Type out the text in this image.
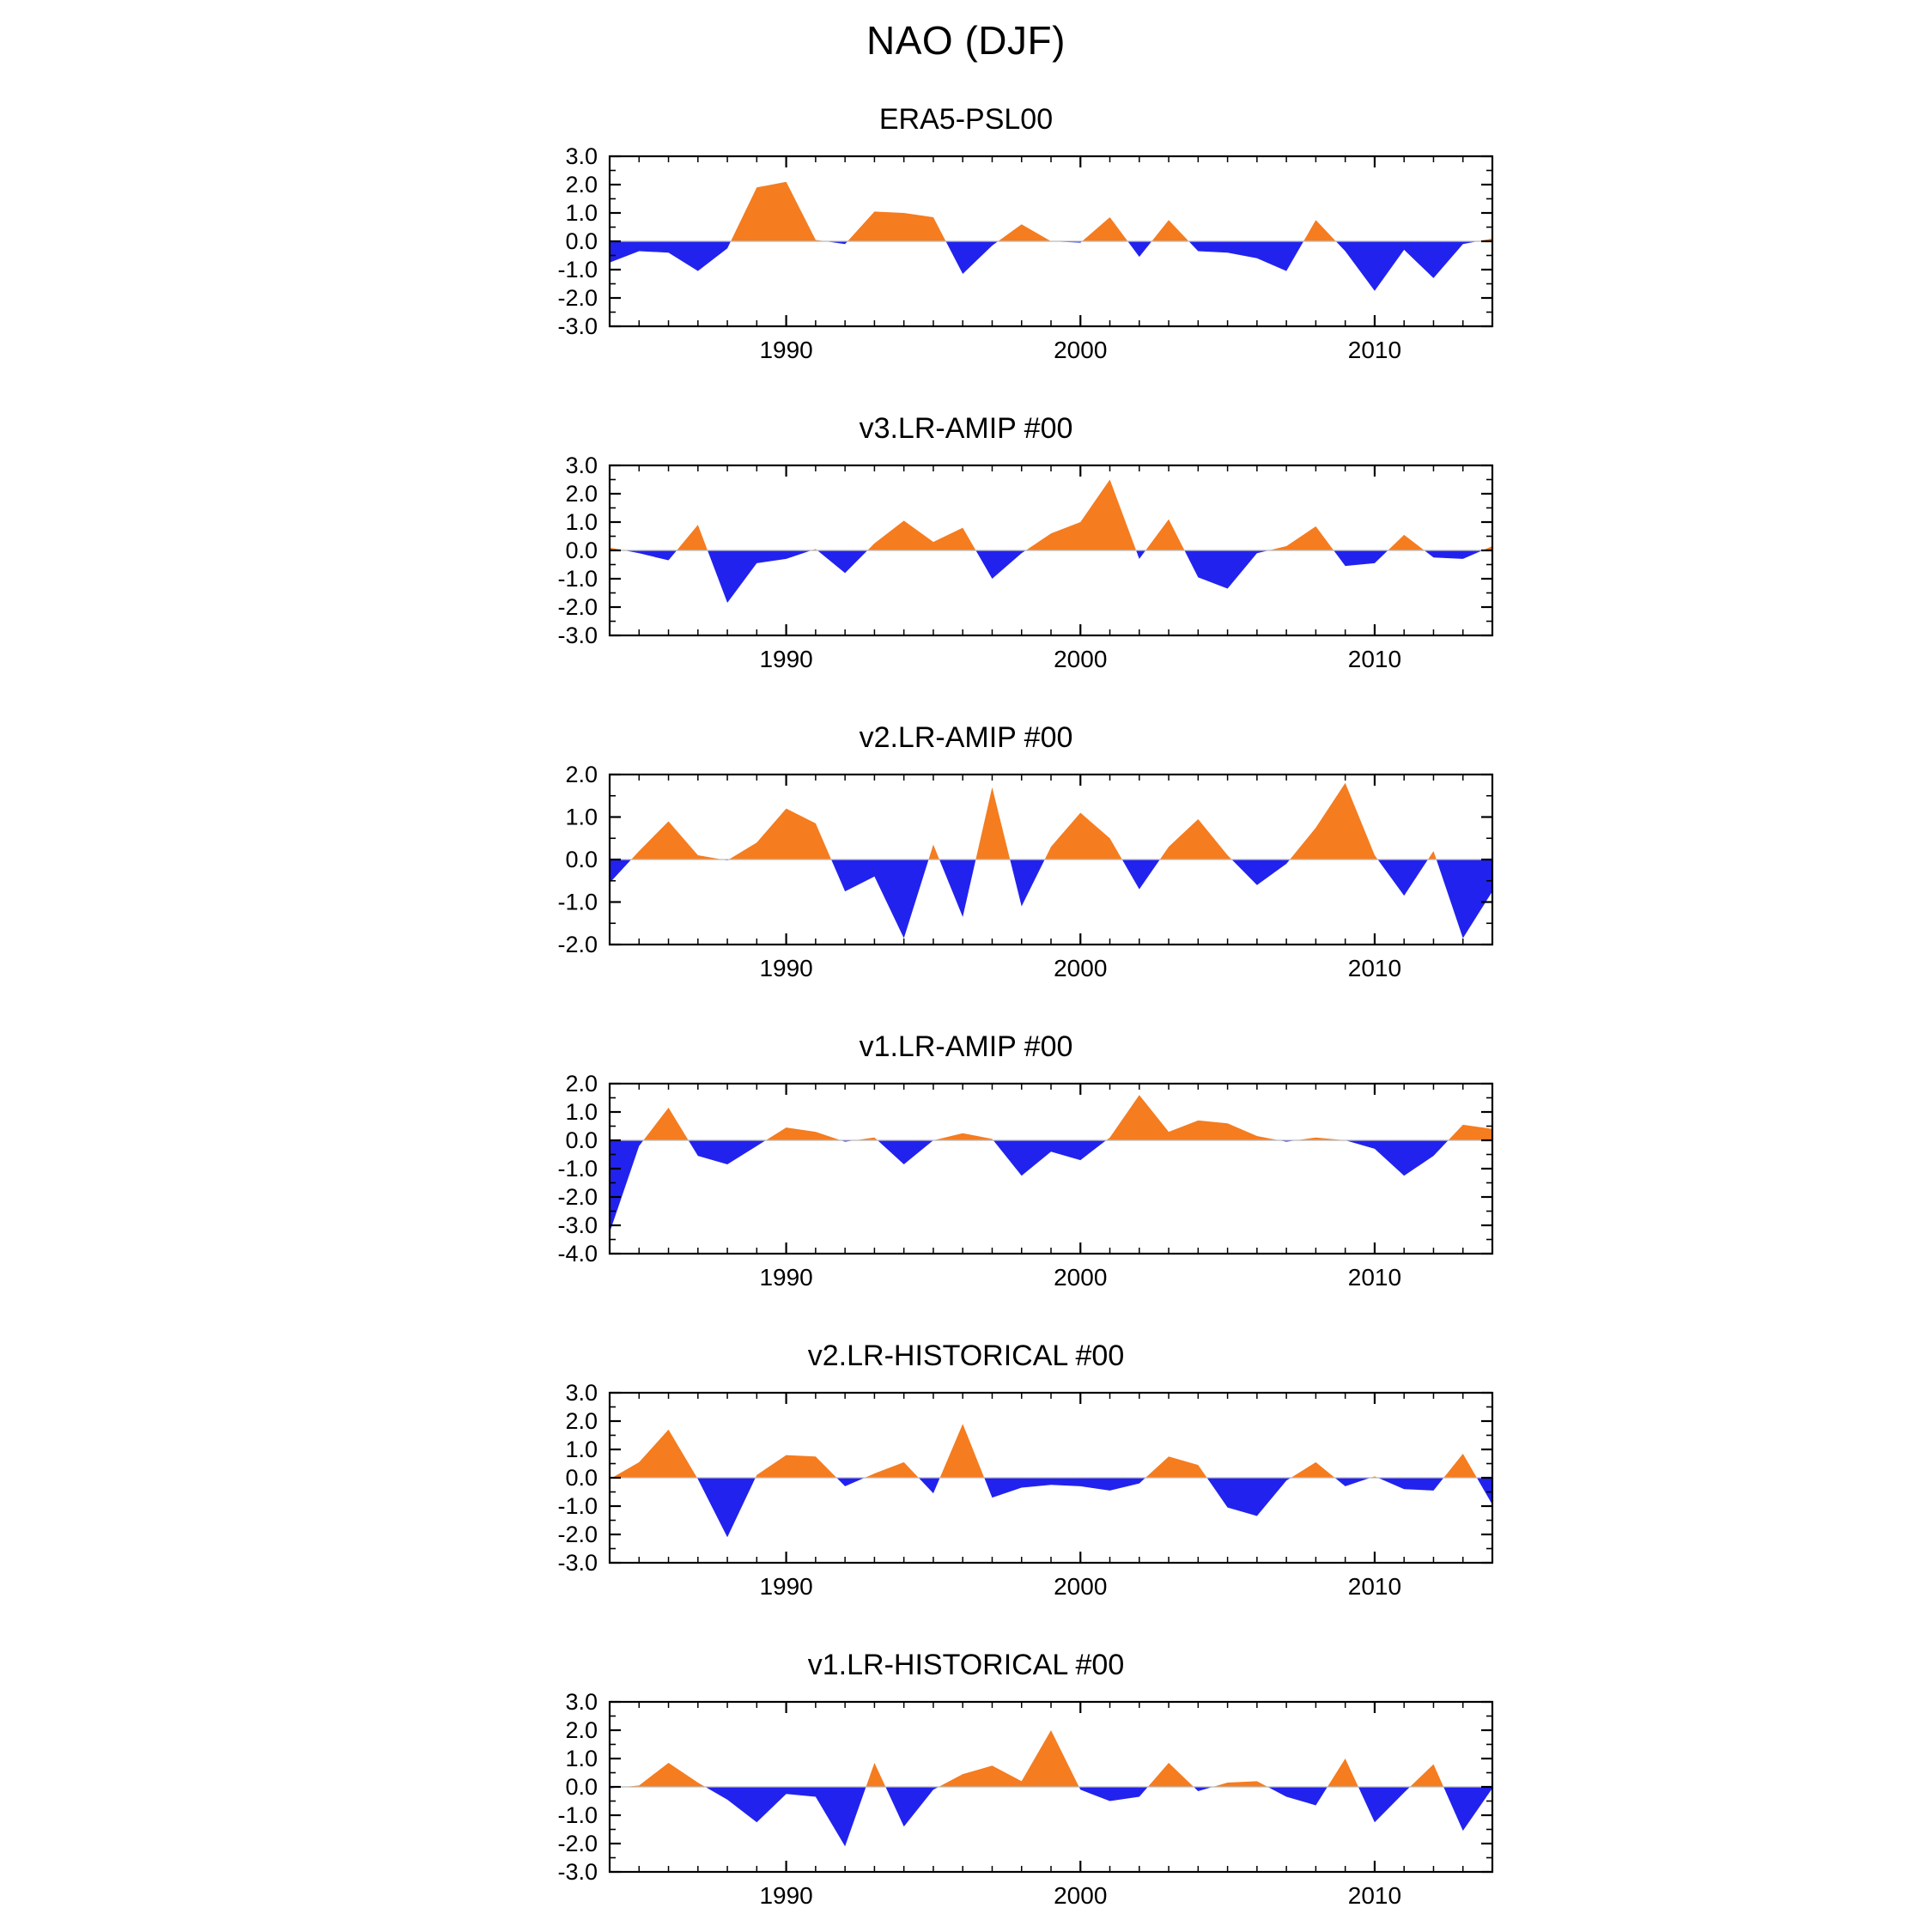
NAO (DJF)
ERA5-PSL00
-3.0
-2.0
-1.0
0.0
1.0
2.0
3.0
1990	2000	2010
v3.LR-AMIP #00
-3.0
-2.0
-1.0
0.0
1.0
2.0
3.0
1990	2000	2010
v2.LR-AMIP #00
-2.0
-1.0
0.0
1.0
2.0
1990	2000	2010
v1.LR-AMIP #00
-4.0
-3.0
-2.0
-1.0
0.0
1.0
2.0
1990	2000	2010
v2.LR-HISTORICAL #00
-3.0
-2.0
-1.0
0.0
1.0
2.0
3.0
1990	2000	2010
v1.LR-HISTORICAL #00
-3.0
-2.0
-1.0
0.0
1.0
2.0
3.0
1990	2000	2010
